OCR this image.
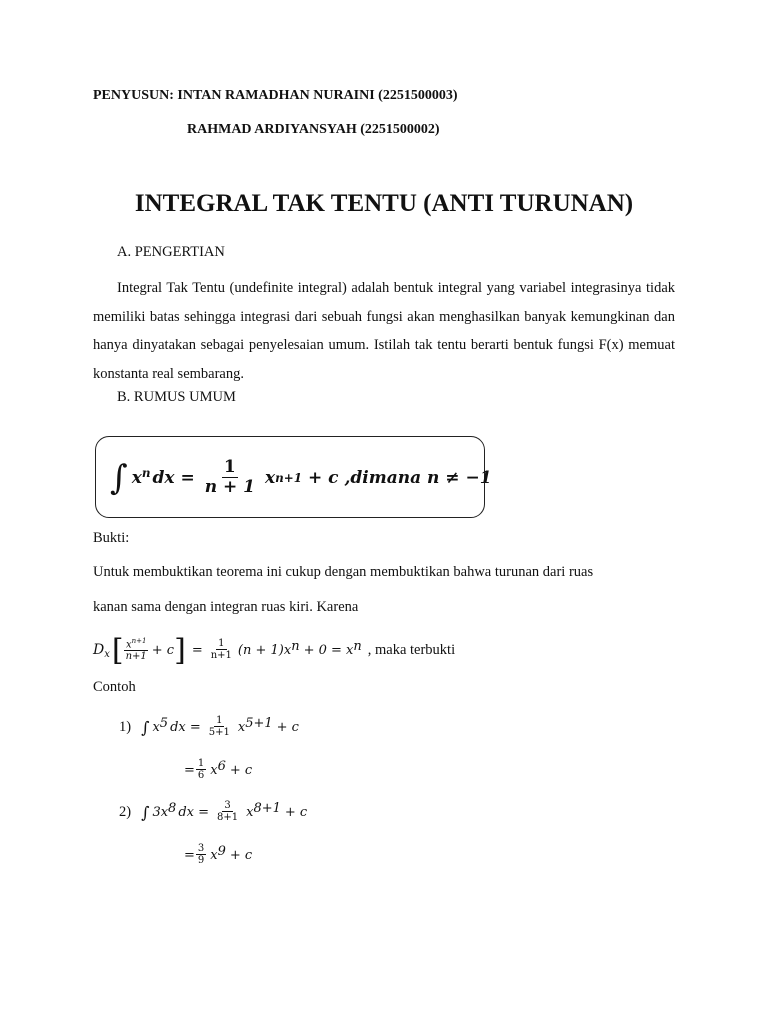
PENYUSUN: INTAN RAMADHAN NURAINI (2251500003)
RAHMAD ARDIYANSYAH (2251500002)
INTEGRAL TAK TENTU (ANTI TURUNAN)
A. PENGERTIAN
Integral Tak Tentu (undefinite integral) adalah bentuk integral yang variabel integrasinya tidak memiliki batas sehingga integrasi dari sebuah fungsi akan menghasilkan banyak kemungkinan dan hanya dinyatakan sebagai penyelesaian umum. Istilah tak tentu berarti bentuk fungsi F(x) memuat konstanta real sembarang.
B. RUMUS UMUM
∫ $x^n$ dx = $\frac{1}{n + 1}$ x n+1 + c ,dimana n ≠ −1
Bukti:
Untuk membuktikan teorema ini cukup dengan membuktikan bahwa turunan dari ruas
kanan sama dengan integran ruas kiri. Karena
$D_x$ [ $\frac{x^{n+1}}{n+1} + c$ ] = $\frac{1}{n+1} (n + 1)x^n + 0 = x^n$ , maka terbukti
Contoh
1) ∫ $x^5$ dx = $\frac{1}{5+1} x^{5+1} + c$
= $\frac{1}{6} x^6 + c$
2) ∫ $3x^8$ dx = $\frac{3}{8+1} x^{8+1} + c$
= $\frac{3}{9} x^9 + c$
